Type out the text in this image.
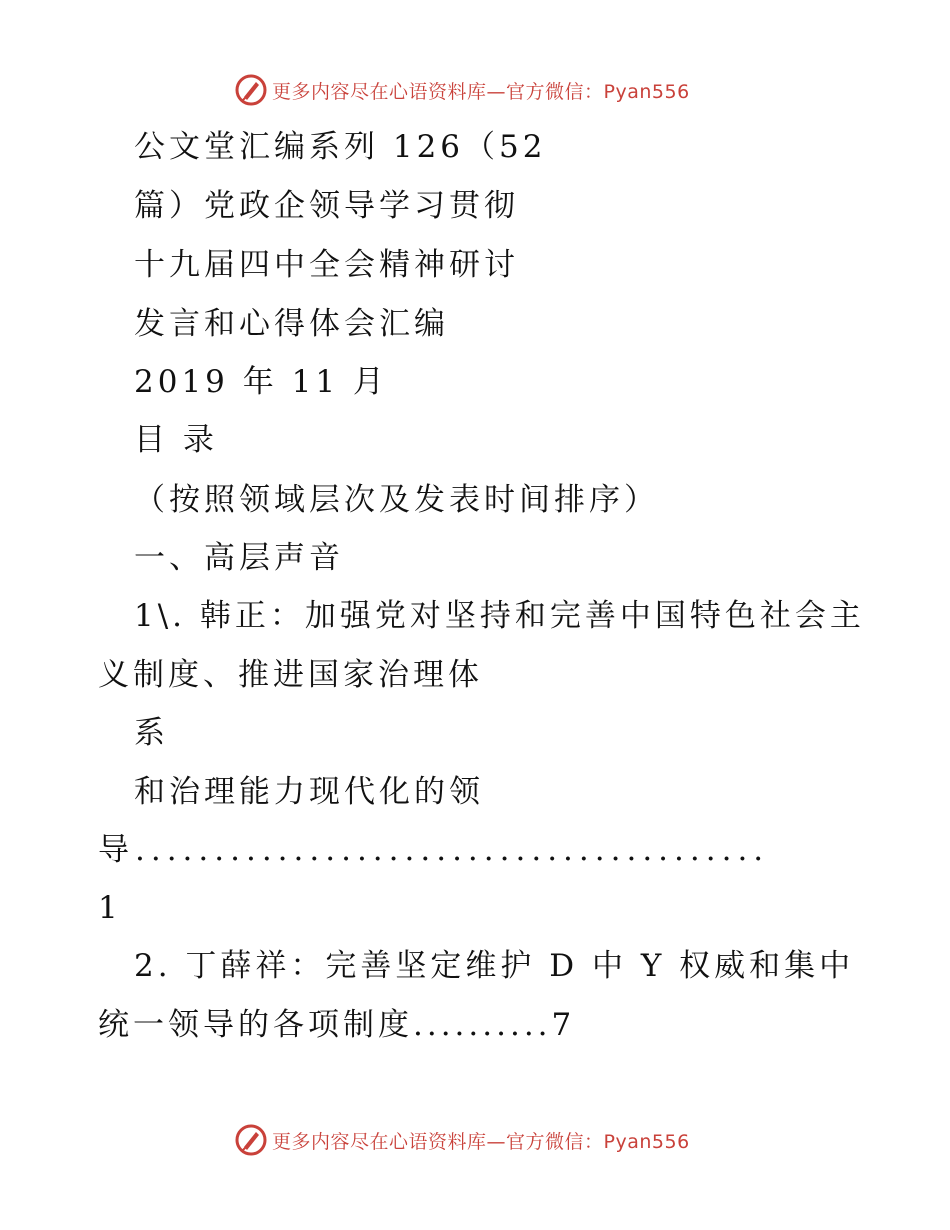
更多内容尽在心语资料库—官方微信：Pyan556
公文堂汇编系列 126（52
篇）党政企领导学习贯彻
十九届四中全会精神研讨
发言和心得体会汇编
2019 年 11 月
目 录
（按照领域层次及发表时间排序）
一、高层声音
1\. 韩正：加强党对坚持和完善中国特色社会主
义制度、推进国家治理体
系
和治理能力现代化的领
导........................................
1
2. 丁薛祥：完善坚定维护 D 中 Y 权威和集中
统一领导的各项制度..........7
更多内容尽在心语资料库—官方微信：Pyan556
